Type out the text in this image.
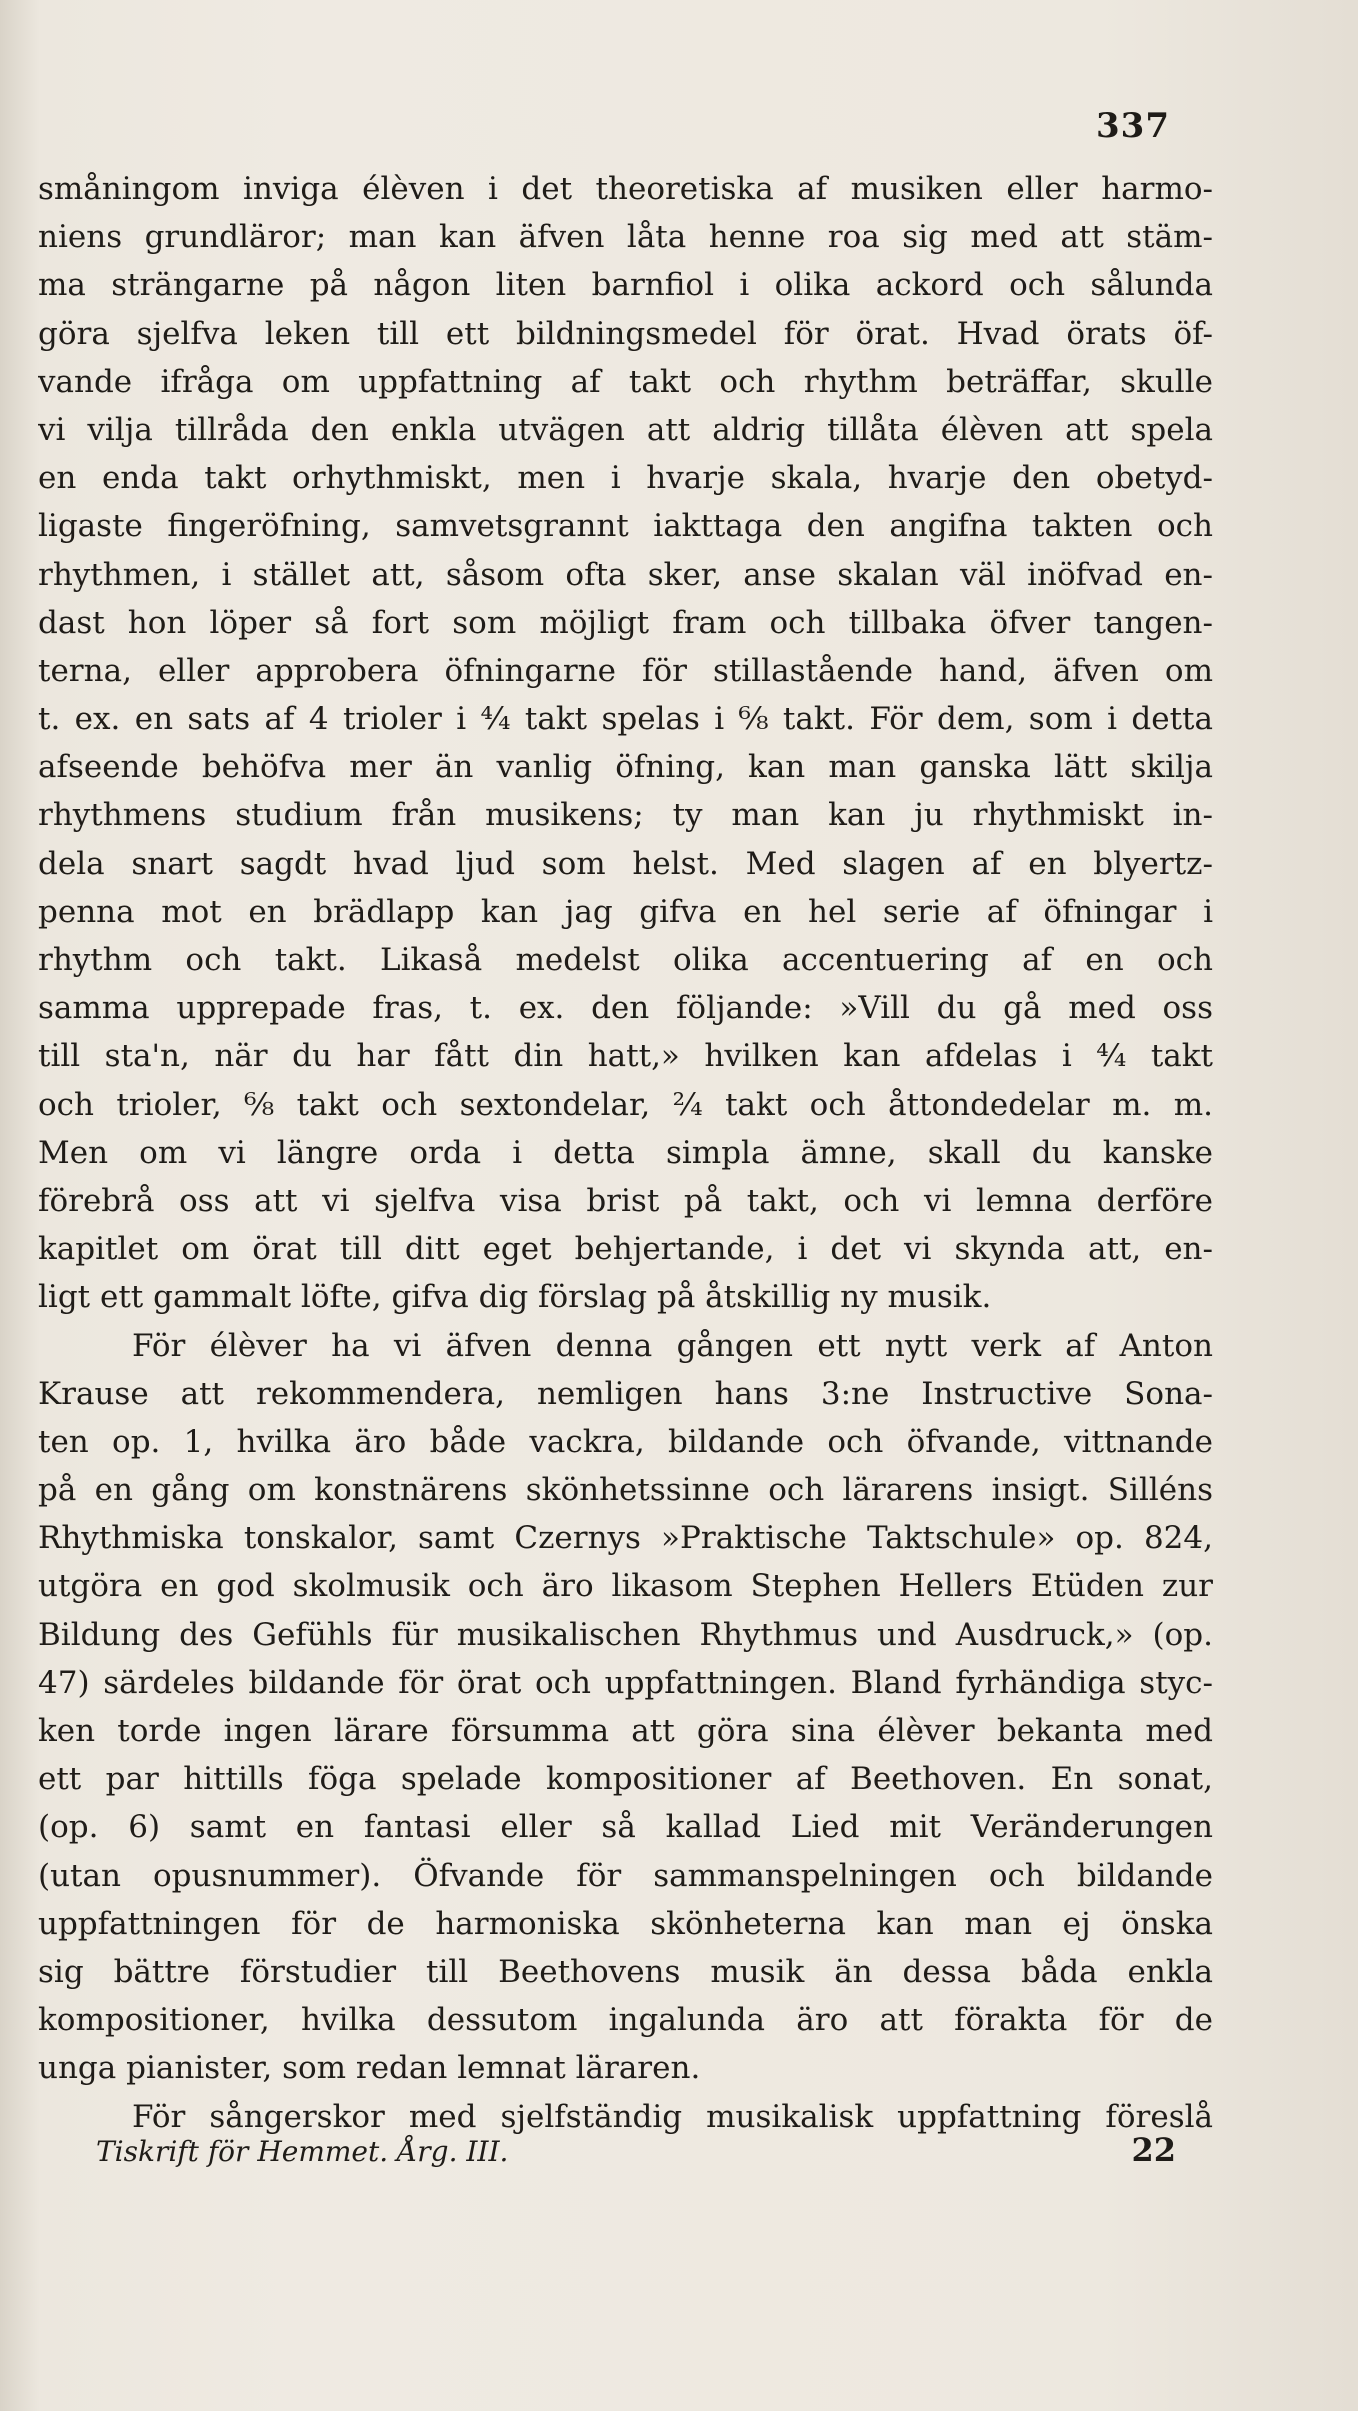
337
småningom inviga élèven i det theoretiska af musiken eller harmo-
niens grundläror; man kan äfven låta henne roa sig med att stäm-
ma strängarne på någon liten barnfiol i olika ackord och sålunda
göra sjelfva leken till ett bildningsmedel för örat. Hvad örats öf-
vande ifråga om uppfattning af takt och rhythm beträffar, skulle
vi vilja tillråda den enkla utvägen att aldrig tillåta élèven att spela
en enda takt orhythmiskt, men i hvarje skala, hvarje den obetyd-
ligaste fingeröfning, samvetsgrannt iakttaga den angifna takten och
rhythmen, i stället att, såsom ofta sker, anse skalan väl inöfvad en-
dast hon löper så fort som möjligt fram och tillbaka öfver tangen-
terna, eller approbera öfningarne för stillastående hand, äfven om
t. ex. en sats af 4 trioler i ⁴⁄₄ takt spelas i ⁶⁄₈ takt. För dem, som i detta
afseende behöfva mer än vanlig öfning, kan man ganska lätt skilja
rhythmens studium från musikens; ty man kan ju rhythmiskt in-
dela snart sagdt hvad ljud som helst. Med slagen af en blyertz-
penna mot en brädlapp kan jag gifva en hel serie af öfningar i
rhythm och takt. Likaså medelst olika accentuering af en och
samma upprepade fras, t. ex. den följande: »Vill du gå med oss
till sta'n, när du har fått din hatt,» hvilken kan afdelas i ⁴⁄₄ takt
och trioler, ⁶⁄₈ takt och sextondelar, ²⁄₄ takt och åttondedelar m. m.
Men om vi längre orda i detta simpla ämne, skall du kanske
förebrå oss att vi sjelfva visa brist på takt, och vi lemna derföre
kapitlet om örat till ditt eget behjertande, i det vi skynda att, en-
ligt ett gammalt löfte, gifva dig förslag på åtskillig ny musik.
För élèver ha vi äfven denna gången ett nytt verk af Anton
Krause att rekommendera, nemligen hans 3:ne Instructive Sona-
ten op. 1, hvilka äro både vackra, bildande och öfvande, vittnande
på en gång om konstnärens skönhetssinne och lärarens insigt. Silléns
Rhythmiska tonskalor, samt Czernys »Praktische Taktschule» op. 824,
utgöra en god skolmusik och äro likasom Stephen Hellers Etüden zur
Bildung des Gefühls für musikalischen Rhythmus und Ausdruck,» (op.
47) särdeles bildande för örat och uppfattningen. Bland fyrhändiga styc-
ken torde ingen lärare försumma att göra sina élèver bekanta med
ett par hittills föga spelade kompositioner af Beethoven. En sonat,
(op. 6) samt en fantasi eller så kallad Lied mit Veränderungen
(utan opusnummer). Öfvande för sammanspelningen och bildande
uppfattningen för de harmoniska skönheterna kan man ej önska
sig bättre förstudier till Beethovens musik än dessa båda enkla
kompositioner, hvilka dessutom ingalunda äro att förakta för de
unga pianister, som redan lemnat läraren.
För sångerskor med sjelfständig musikalisk uppfattning föreslå
Tiskrift för Hemmet. Årg. III.	22
